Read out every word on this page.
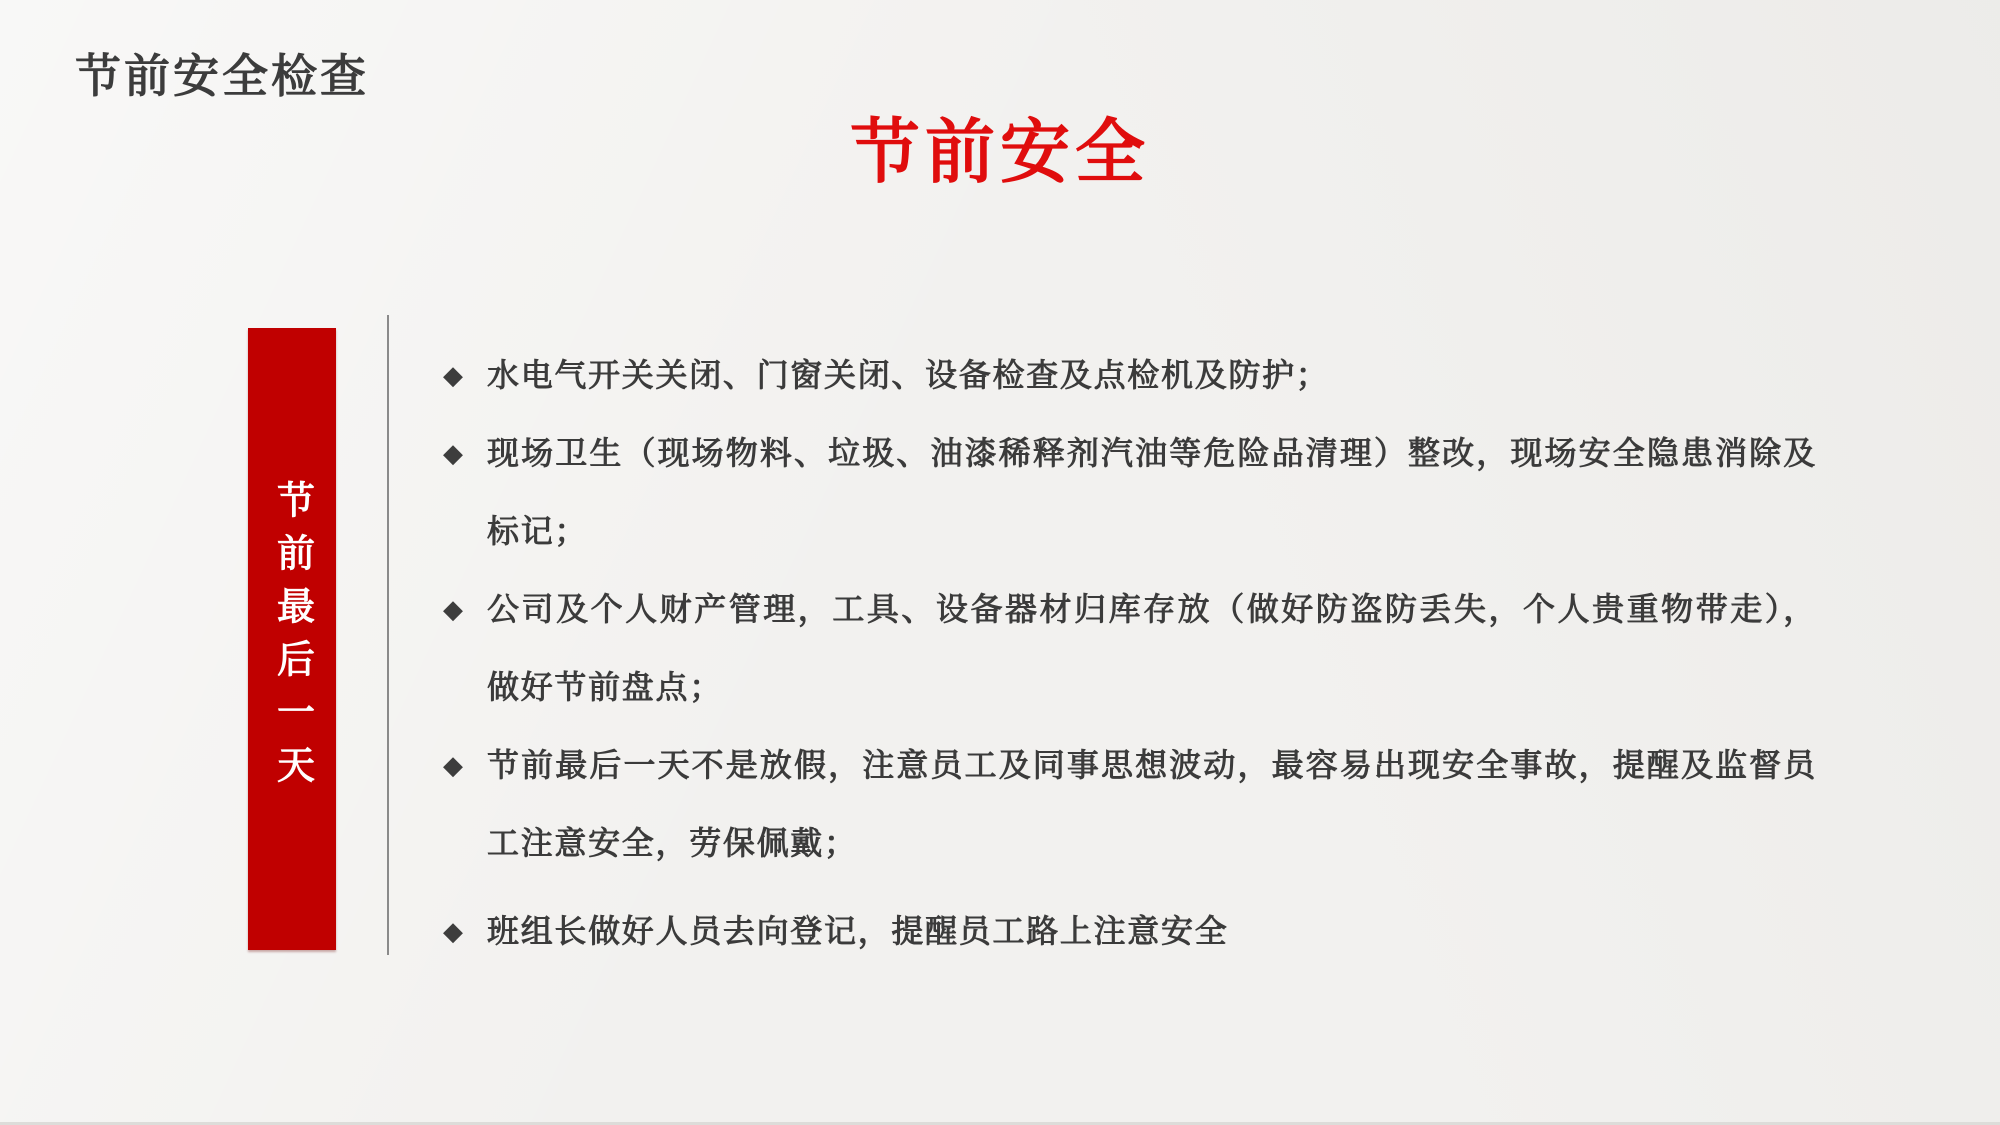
节前安全检查
节前安全
节前最后一天
◆ 水电气开关关闭、门窗关闭、设备检查及点检机及防护；
◆ 现场卫生（现场物料、垃圾、油漆稀释剂汽油等危险品清理）整改，现场安全隐患消除及标记；
◆ 公司及个人财产管理，工具、设备器材归库存放（做好防盗防丢失，个人贵重物带走），做好节前盘点；
◆ 节前最后一天不是放假，注意员工及同事思想波动，最容易出现安全事故，提醒及监督员工注意安全，劳保佩戴；
◆ 班组长做好人员去向登记，提醒员工路上注意安全
